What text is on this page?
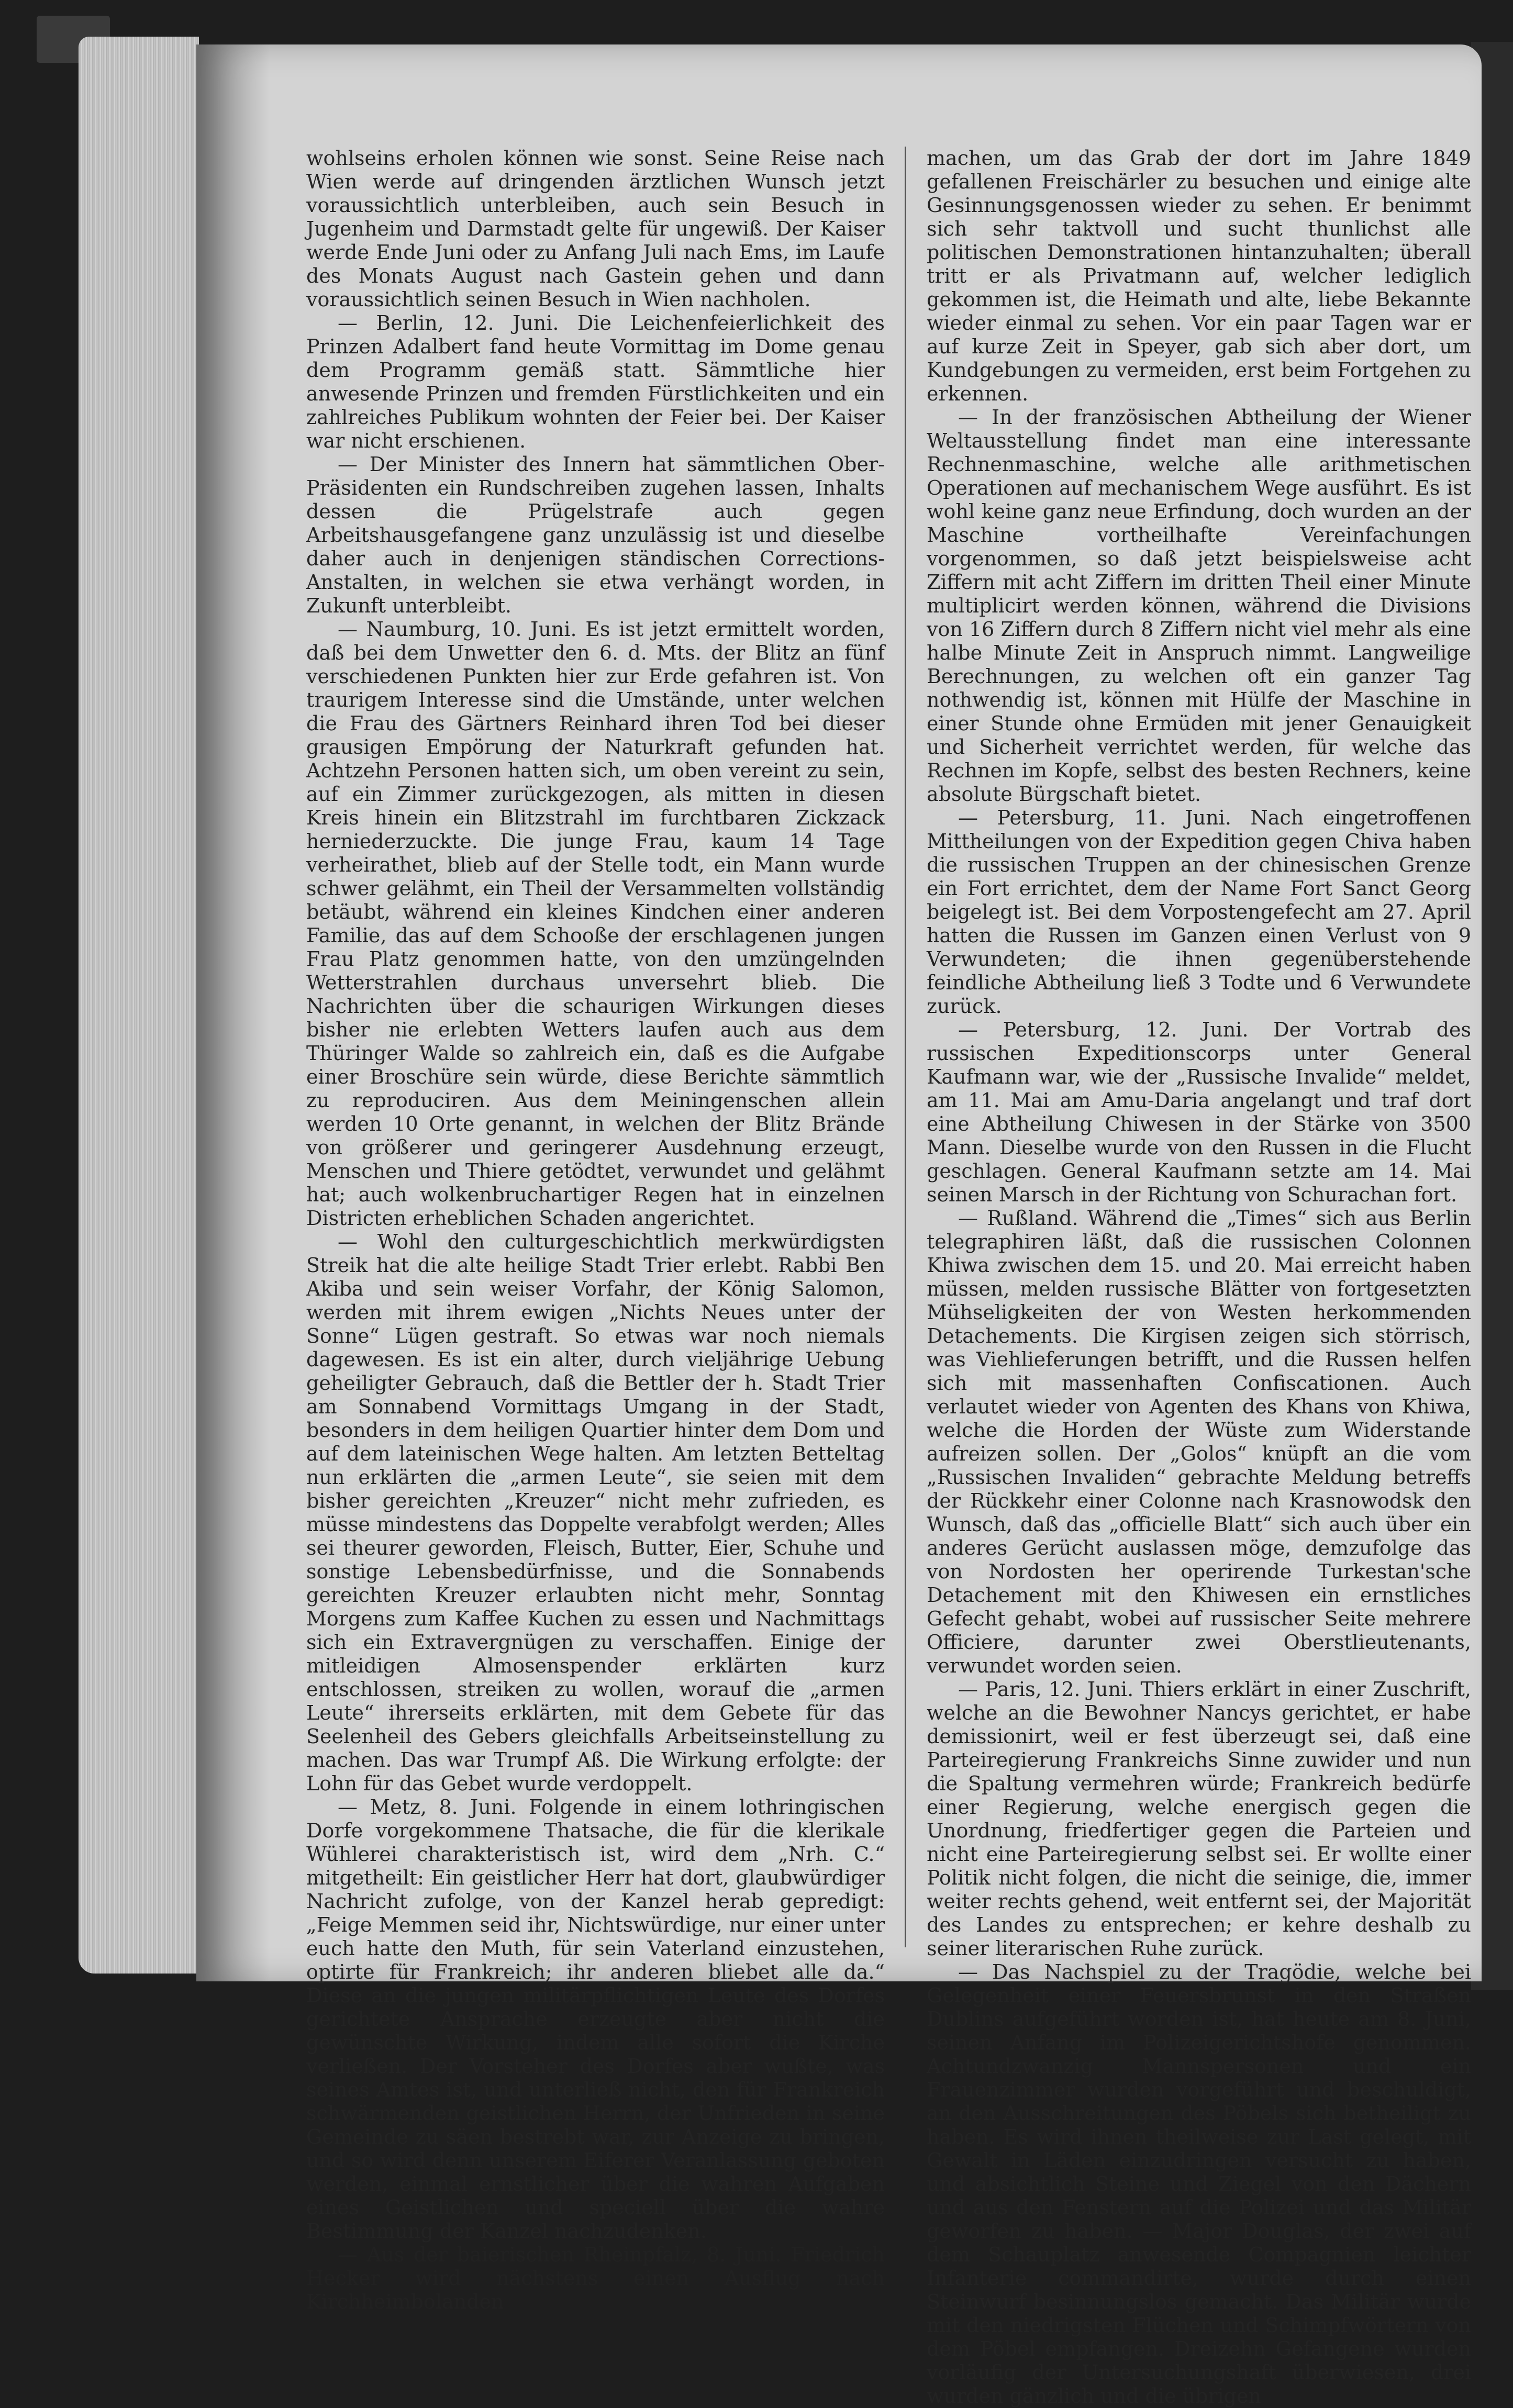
wohlseins erholen können wie sonst. Seine Reise nach Wien werde auf dringenden ärztlichen Wunsch jetzt voraussichtlich unterbleiben, auch sein Besuch in Jugenheim und Darmstadt gelte für ungewiß. Der Kaiser werde Ende Juni oder zu Anfang Juli nach Ems, im Laufe des Monats August nach Gastein gehen und dann voraussichtlich seinen Besuch in Wien nachholen.

— Berlin, 12. Juni. Die Leichenfeierlichkeit des Prinzen Adalbert fand heute Vormittag im Dome genau dem Programm gemäß statt. Sämmtliche hier anwesende Prinzen und fremden Fürstlichkeiten und ein zahlreiches Publikum wohnten der Feier bei. Der Kaiser war nicht erschienen.

— Der Minister des Innern hat sämmtlichen Ober-Präsidenten ein Rundschreiben zugehen lassen, Inhalts dessen die Prügelstrafe auch gegen Arbeitshausgefangene ganz unzulässig ist und dieselbe daher auch in denjenigen ständischen Corrections-Anstalten, in welchen sie etwa verhängt worden, in Zukunft unterbleibt.

— Naumburg, 10. Juni. Es ist jetzt ermittelt worden, daß bei dem Unwetter den 6. d. Mts. der Blitz an fünf verschiedenen Punkten hier zur Erde gefahren ist. Von traurigem Interesse sind die Umstände, unter welchen die Frau des Gärtners Reinhard ihren Tod bei dieser grausigen Empörung der Naturkraft gefunden hat. Achtzehn Personen hatten sich, um oben vereint zu sein, auf ein Zimmer zurückgezogen, als mitten in diesen Kreis hinein ein Blitzstrahl im furchtbaren Zickzack herniederzuckte. Die junge Frau, kaum 14 Tage verheirathet, blieb auf der Stelle todt, ein Mann wurde schwer gelähmt, ein Theil der Versammelten vollständig betäubt, während ein kleines Kindchen einer anderen Familie, das auf dem Schooße der erschlagenen jungen Frau Platz genommen hatte, von den umzüngelnden Wetterstrahlen durchaus unversehrt blieb. Die Nachrichten über die schaurigen Wirkungen dieses bisher nie erlebten Wetters laufen auch aus dem Thüringer Walde so zahlreich ein, daß es die Aufgabe einer Broschüre sein würde, diese Berichte sämmtlich zu reproduciren. Aus dem Meiningenschen allein werden 10 Orte genannt, in welchen der Blitz Brände von größerer und geringerer Ausdehnung erzeugt, Menschen und Thiere getödtet, verwundet und gelähmt hat; auch wolkenbruchartiger Regen hat in einzelnen Districten erheblichen Schaden angerichtet.

— Wohl den culturgeschichtlich merkwürdigsten Streik hat die alte heilige Stadt Trier erlebt. Rabbi Ben Akiba und sein weiser Vorfahr, der König Salomon, werden mit ihrem ewigen „Nichts Neues unter der Sonne“ Lügen gestraft. So etwas war noch niemals dagewesen. Es ist ein alter, durch vieljährige Uebung geheiligter Gebrauch, daß die Bettler der h. Stadt Trier am Sonnabend Vormittags Umgang in der Stadt, besonders in dem heiligen Quartier hinter dem Dom und auf dem lateinischen Wege halten. Am letzten Betteltag nun erklärten die „armen Leute“, sie seien mit dem bisher gereichten „Kreuzer“ nicht mehr zufrieden, es müsse mindestens das Doppelte verabfolgt werden; Alles sei theurer geworden, Fleisch, Butter, Eier, Schuhe und sonstige Lebensbedürfnisse, und die Sonnabends gereichten Kreuzer erlaubten nicht mehr, Sonntag Morgens zum Kaffee Kuchen zu essen und Nachmittags sich ein Extravergnügen zu verschaffen. Einige der mitleidigen Almosenspender erklärten kurz entschlossen, streiken zu wollen, worauf die „armen Leute“ ihrerseits erklärten, mit dem Gebete für das Seelenheil des Gebers gleichfalls Arbeitseinstellung zu machen. Das war Trumpf Aß. Die Wirkung erfolgte: der Lohn für das Gebet wurde verdoppelt.

— Metz, 8. Juni. Folgende in einem lothringischen Dorfe vorgekommene Thatsache, die für die klerikale Wühlerei charakteristisch ist, wird dem „Nrh. C.“ mitgetheilt: Ein geistlicher Herr hat dort, glaubwürdiger Nachricht zufolge, von der Kanzel herab gepredigt: „Feige Memmen seid ihr, Nichtswürdige, nur einer unter euch hatte den Muth, für sein Vaterland einzustehen, optirte für Frankreich; ihr anderen bliebet alle da.“ Diese an die jungen militärpflichtigen Leute des Dorfes gerichtete Ansprache erzeugte aber nicht die gewünschte Wirkung, indem alle sofort die Kirche verließen. Der Vorsteher des Dorfes aber wußte, was seines Amtes ist, und unterließ nicht, den für Frankreich schwärmenden geistlichen Herrn, der Unfrieden in seine Gemeinde zu säen bestrebt war, zur Anzeige zu bringen, und so wird denn unserem Eiferer Veranlassung geboten werden, einmal ernstlicher über die wahren Aufgaben eines Geistlichen und speciell über die wahre Bestimmung der Kanzel nachzudenken.

— Aus der baierischen Rheinpfalz, 8. Juni. Friedrich Hecker wird nächstens einen Ausflug nach Kirchheimbolanden

machen, um das Grab der dort im Jahre 1849 gefallenen Freischärler zu besuchen und einige alte Gesinnungsgenossen wieder zu sehen. Er benimmt sich sehr taktvoll und sucht thunlichst alle politischen Demonstrationen hintanzuhalten; überall tritt er als Privatmann auf, welcher lediglich gekommen ist, die Heimath und alte, liebe Bekannte wieder einmal zu sehen. Vor ein paar Tagen war er auf kurze Zeit in Speyer, gab sich aber dort, um Kundgebungen zu vermeiden, erst beim Fortgehen zu erkennen.

— In der französischen Abtheilung der Wiener Weltausstellung findet man eine interessante Rechnenmaschine, welche alle arithmetischen Operationen auf mechanischem Wege ausführt. Es ist wohl keine ganz neue Erfindung, doch wurden an der Maschine vortheilhafte Vereinfachungen vorgenommen, so daß jetzt beispielsweise acht Ziffern mit acht Ziffern im dritten Theil einer Minute multiplicirt werden können, während die Divisions von 16 Ziffern durch 8 Ziffern nicht viel mehr als eine halbe Minute Zeit in Anspruch nimmt. Langweilige Berechnungen, zu welchen oft ein ganzer Tag nothwendig ist, können mit Hülfe der Maschine in einer Stunde ohne Ermüden mit jener Genauigkeit und Sicherheit verrichtet werden, für welche das Rechnen im Kopfe, selbst des besten Rechners, keine absolute Bürgschaft bietet.

— Petersburg, 11. Juni. Nach eingetroffenen Mittheilungen von der Expedition gegen Chiva haben die russischen Truppen an der chinesischen Grenze ein Fort errichtet, dem der Name Fort Sanct Georg beigelegt ist. Bei dem Vorpostengefecht am 27. April hatten die Russen im Ganzen einen Verlust von 9 Verwundeten; die ihnen gegenüberstehende feindliche Abtheilung ließ 3 Todte und 6 Verwundete zurück.

— Petersburg, 12. Juni. Der Vortrab des russischen Expeditionscorps unter General Kaufmann war, wie der „Russische Invalide“ meldet, am 11. Mai am Amu-Daria angelangt und traf dort eine Abtheilung Chiwesen in der Stärke von 3500 Mann. Dieselbe wurde von den Russen in die Flucht geschlagen. General Kaufmann setzte am 14. Mai seinen Marsch in der Richtung von Schurachan fort.

— Rußland. Während die „Times“ sich aus Berlin telegraphiren läßt, daß die russischen Colonnen Khiwa zwischen dem 15. und 20. Mai erreicht haben müssen, melden russische Blätter von fortgesetzten Mühseligkeiten der von Westen herkommenden Detachements. Die Kirgisen zeigen sich störrisch, was Viehlieferungen betrifft, und die Russen helfen sich mit massenhaften Confiscationen. Auch verlautet wieder von Agenten des Khans von Khiwa, welche die Horden der Wüste zum Widerstande aufreizen sollen. Der „Golos“ knüpft an die vom „Russischen Invaliden“ gebrachte Meldung betreffs der Rückkehr einer Colonne nach Krasnowodsk den Wunsch, daß das „officielle Blatt“ sich auch über ein anderes Gerücht auslassen möge, demzufolge das von Nordosten her operirende Turkestan'sche Detachement mit den Khiwesen ein ernstliches Gefecht gehabt, wobei auf russischer Seite mehrere Officiere, darunter zwei Oberstlieutenants, verwundet worden seien.

— Paris, 12. Juni. Thiers erklärt in einer Zuschrift, welche an die Bewohner Nancys gerichtet, er habe demissionirt, weil er fest überzeugt sei, daß eine Parteiregierung Frankreichs Sinne zuwider und nun die Spaltung vermehren würde; Frankreich bedürfe einer Regierung, welche energisch gegen die Unordnung, friedfertiger gegen die Parteien und nicht eine Parteiregierung selbst sei. Er wollte einer Politik nicht folgen, die nicht die seinige, die, immer weiter rechts gehend, weit entfernt sei, der Majorität des Landes zu entsprechen; er kehre deshalb zu seiner literarischen Ruhe zurück.

— Das Nachspiel zu der Tragödie, welche bei Gelegenheit einer Feuersbrunst in den Straßen Dublins aufgeführt worden ist, hat heute am 8. Juni, seinen Anfang im Polizeigerichtshofe genommen. Achtundzwanzig Mannspersonen und ein Frauenzimmer wurden vorgeführt und beschuldigt, an den Ausschreitungen des Pöbels sich betheiligt zu haben. Es wird ihnen theilweise zur Last gelegt, mit Gewalt in Läden einzudringen versucht zu haben, und absichtlich Steine und Ziegel von den Dächern und aus den Fenstern auf die Polizei und das Militär geworfen zu haben. — Major Douglas, der zwei auf dem Schauplatz anwesende Compagnien leichter Infanterie commandirte, wurde durch einen Steinwurf besinnungslos gemacht. Das Militär wurde mit den niedrigsten Flüchen und Schimpfwörtern von dem Pöbel empfangen. Dreizehn Gefangene wurden vorläufig der Untersuchungshaft überwiesen, drei wurden gänzlich und die übrigen
